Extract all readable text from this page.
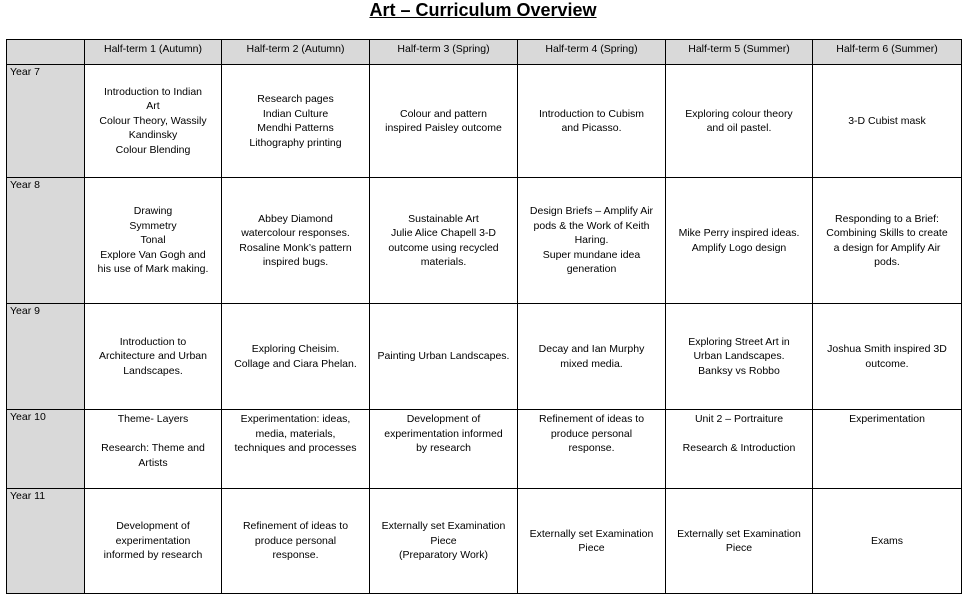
Art – Curriculum Overview
	Half-term 1 (Autumn)	Half-term 2 (Autumn)	Half-term 3 (Spring)	Half-term 4 (Spring)	Half-term 5 (Summer)	Half-term 6 (Summer)
Year 7	Introduction to Indian
Art
Colour Theory, Wassily
Kandinsky
Colour Blending	Research pages
Indian Culture
Mendhi Patterns
Lithography printing	Colour and pattern
inspired Paisley outcome	Introduction to Cubism
and Picasso.	Exploring colour theory
and oil pastel.	3-D Cubist mask

Year 8	Drawing
Symmetry
Tonal
Explore Van Gogh and
his use of Mark making.	Abbey Diamond
watercolour responses.
Rosaline Monk’s pattern
inspired bugs.	Sustainable Art
Julie Alice Chapell 3-D
outcome using recycled
materials.	Design Briefs – Amplify Air
pods & the Work of Keith
Haring.
Super mundane idea
generation	Mike Perry inspired ideas.
Amplify Logo design	Responding to a Brief:
Combining Skills to create
a design for Amplify Air
pods.

Year 9	Introduction to
Architecture and Urban
Landscapes.	Exploring Cheisim.
Collage and Ciara Phelan.	Painting Urban Landscapes.	Decay and Ian Murphy
mixed media.	Exploring Street Art in
Urban Landscapes.
Banksy vs Robbo	Joshua Smith inspired 3D
outcome.

Year 10	Theme- Layers
Research: Theme and
Artists	Experimentation: ideas,
media, materials,
techniques and processes	Development of
experimentation informed
by research	Refinement of ideas to
produce personal
response.	Unit 2 – Portraiture
Research & Introduction	Experimentation

Year 11	Development of
experimentation
informed by research	Refinement of ideas to
produce personal
response.	Externally set Examination
Piece
(Preparatory Work)	Externally set Examination
Piece	Externally set Examination
Piece	Exams
